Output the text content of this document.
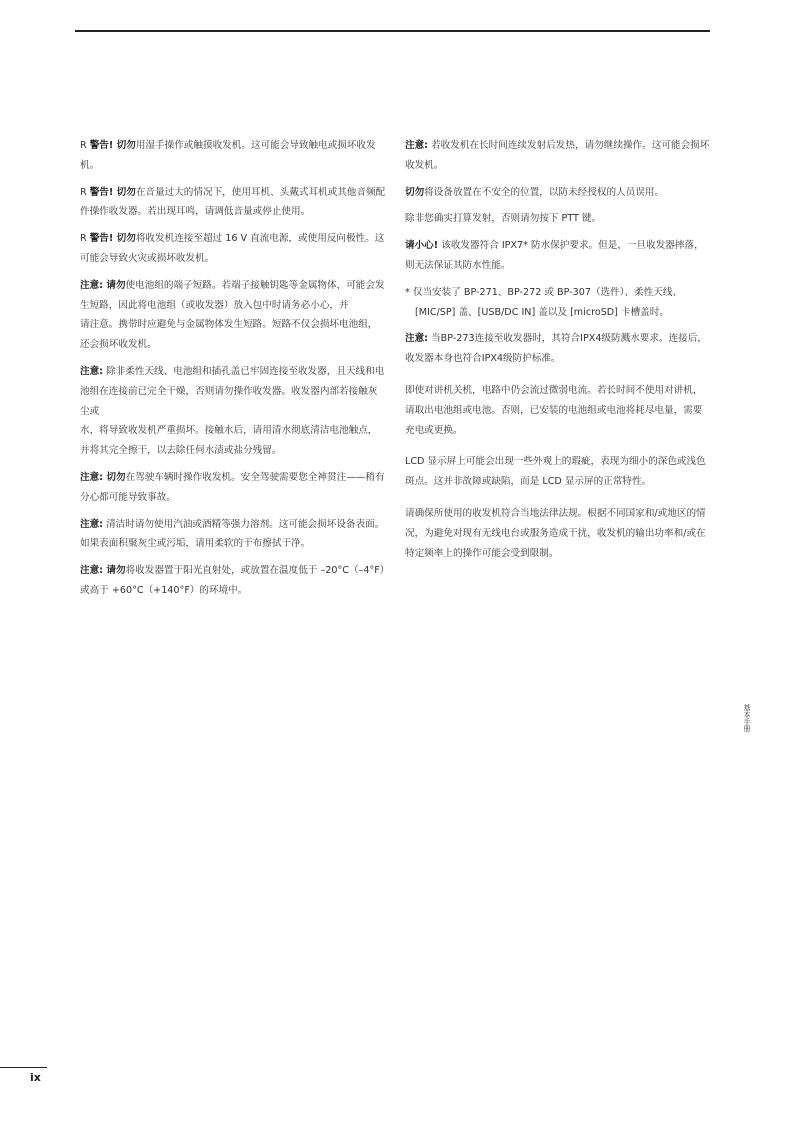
R 警告! 切勿用湿手操作或触摸收发机。这可能会导致触电或损坏收发机。

R 警告! 切勿在音量过大的情况下，使用耳机、头戴式耳机或其他音频配件操作收发器。若出现耳鸣，请调低音量或停止使用。

R 警告! 切勿将收发机连接至超过 16 V 直流电源，或使用反向极性。这可能会导致火灾或损坏收发机。

注意: 请勿使电池组的端子短路。若端子接触钥匙等金属物体，可能会发生短路，因此将电池组（或收发器）放入包中时请务必小心，并

请注意。携带时应避免与金属物体发生短路。短路不仅会损坏电池组，还会损坏收发机。

注意: 除非柔性天线、电池组和插孔盖已牢固连接至收发器，且天线和电池组在连接前已完全干燥，否则请勿操作收发器。收发器内部若接触灰尘或

水，将导致收发机严重损坏。接触水后，请用清水彻底清洁电池触点，并将其完全擦干，以去除任何水渍或盐分残留。

注意: 切勿在驾驶车辆时操作收发机。安全驾驶需要您全神贯注——稍有分心都可能导致事故。

注意: 清洁时请勿使用汽油或酒精等强力溶剂。这可能会损坏设备表面。如果表面积聚灰尘或污垢，请用柔软的干布擦拭干净。

注意: 请勿将收发器置于阳光直射处，或放置在温度低于 –20°C（–4°F）或高于 +60°C（+140°F）的环境中。

注意: 若收发机在长时间连续发射后发热，请勿继续操作。这可能会损坏收发机。

切勿将设备放置在不安全的位置，以防未经授权的人员误用。

除非您确实打算发射，否则请勿按下 PTT 键。

请小心! 该收发器符合 IPX7* 防水保护要求。但是，一旦收发器摔落，则无法保证其防水性能。

* 仅当安装了 BP-271、BP-272 或 BP-307（选件）、柔性天线、

[MIC/SP] 盖、[USB/DC IN] 盖以及 [microSD] 卡槽盖时。

注意: 当BP-273连接至收发器时，其符合IPX4级防溅水要求。连接后，收发器本身也符合IPX4级防护标准。

即使对讲机关机，电路中仍会流过微弱电流。若长时间不使用对讲机，请取出电池组或电池。否则，已安装的电池组或电池将耗尽电量，需要充电或更换。

LCD 显示屏上可能会出现一些外观上的瑕疵，表现为细小的深色或浅色斑点。这并非故障或缺陷，而是 LCD 显示屏的正常特性。

请确保所使用的收发机符合当地法律法规。根据不同国家和/或地区的情况，为避免对现有无线电台或服务造成干扰，收发机的输出功率和/或在特定频率上的操作可能会受到限制。

基本手册
ix
